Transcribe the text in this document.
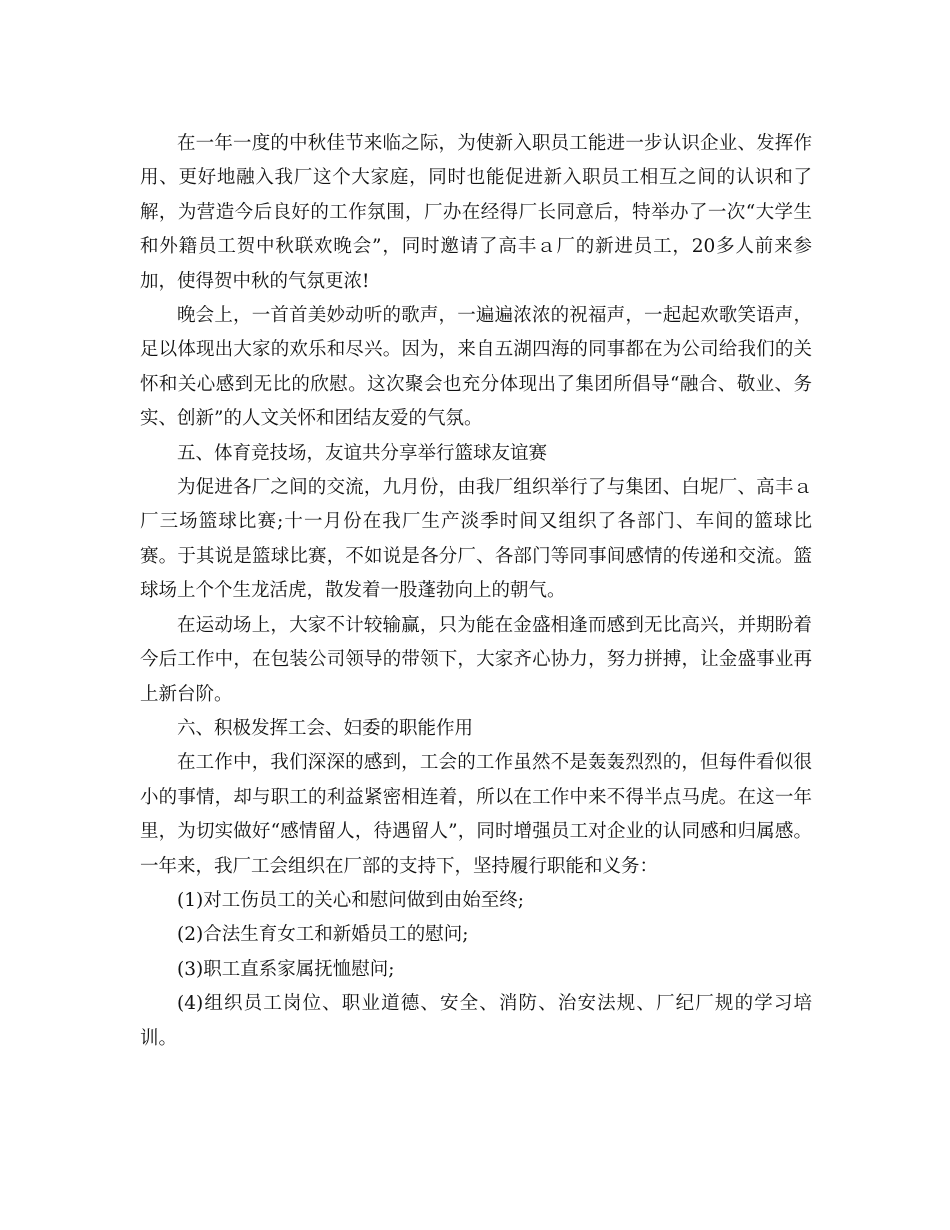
在一年一度的中秋佳节来临之际，为使新入职员工能进一步认识企业、发挥作用、更好地融入我厂这个大家庭，同时也能促进新入职员工相互之间的认识和了解，为营造今后良好的工作氛围，厂办在经得厂长同意后，特举办了一次“大学生和外籍员工贺中秋联欢晚会”，同时邀请了高丰ａ厂的新进员工，20多人前来参加，使得贺中秋的气氛更浓!

晚会上，一首首美妙动听的歌声，一遍遍浓浓的祝福声，一起起欢歌笑语声，足以体现出大家的欢乐和尽兴。因为，来自五湖四海的同事都在为公司给我们的关怀和关心感到无比的欣慰。这次聚会也充分体现出了集团所倡导“融合、敬业、务实、创新”的人文关怀和团结友爱的气氛。

五、体育竞技场，友谊共分享举行篮球友谊赛

为促进各厂之间的交流，九月份，由我厂组织举行了与集团、白坭厂、高丰ａ厂三场篮球比赛;十一月份在我厂生产淡季时间又组织了各部门、车间的篮球比赛。于其说是篮球比赛，不如说是各分厂、各部门等同事间感情的传递和交流。篮球场上个个生龙活虎，散发着一股蓬勃向上的朝气。

在运动场上，大家不计较输赢，只为能在金盛相逢而感到无比高兴，并期盼着今后工作中，在包装公司领导的带领下，大家齐心协力，努力拼搏，让金盛事业再上新台阶。

六、积极发挥工会、妇委的职能作用

在工作中，我们深深的感到，工会的工作虽然不是轰轰烈烈的，但每件看似很小的事情，却与职工的利益紧密相连着，所以在工作中来不得半点马虎。在这一年里，为切实做好“感情留人，待遇留人”，同时增强员工对企业的认同感和归属感。一年来，我厂工会组织在厂部的支持下，坚持履行职能和义务：

(1)对工伤员工的关心和慰问做到由始至终;

(2)合法生育女工和新婚员工的慰问;

(3)职工直系家属抚恤慰问;

(4)组织员工岗位、职业道德、安全、消防、治安法规、厂纪厂规的学习培训。
